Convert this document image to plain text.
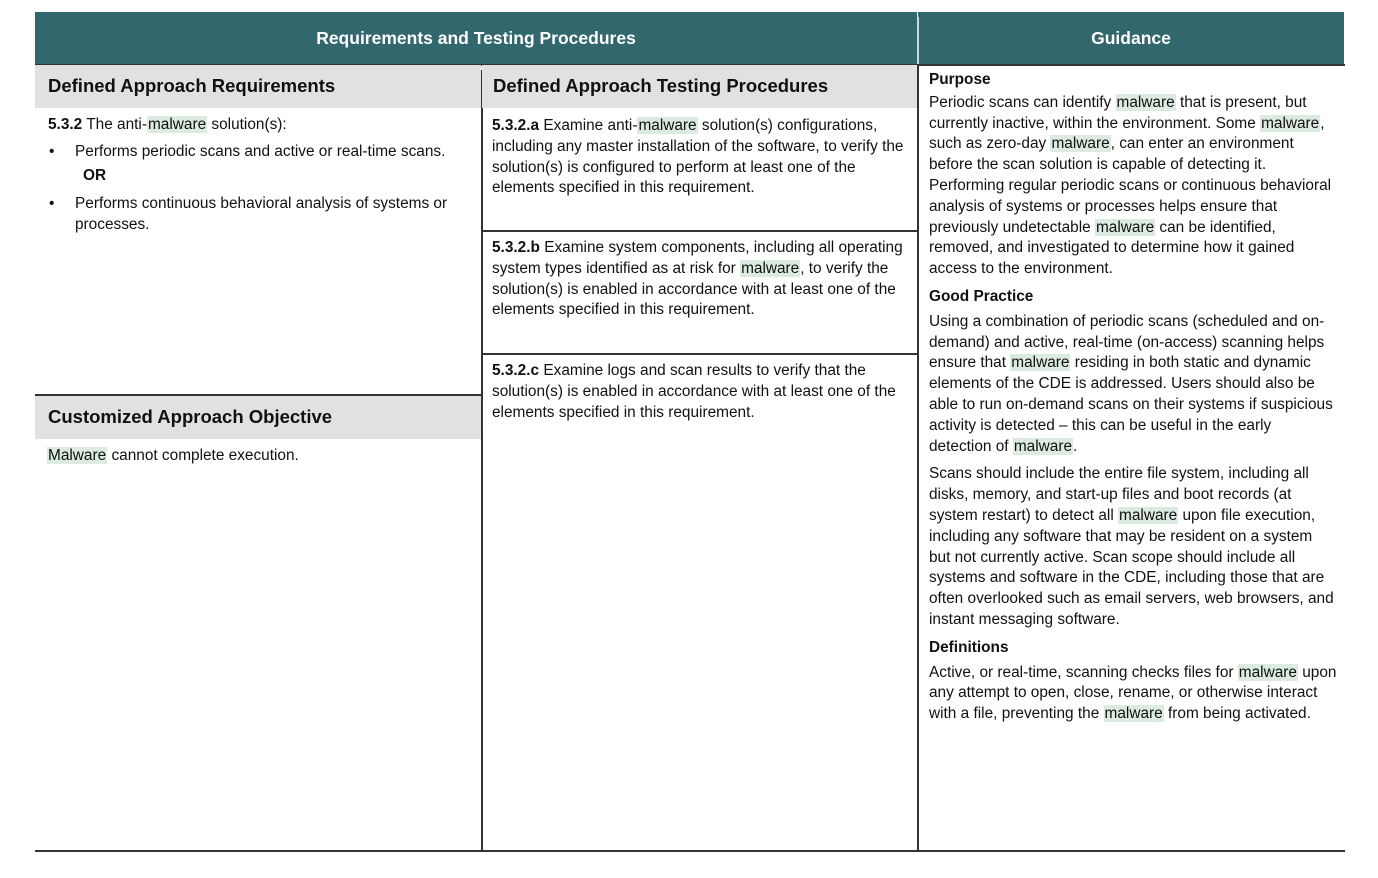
Requirements and Testing Procedures	Guidance
Defined Approach Requirements
5.3.2 The anti-malware solution(s):
• Performs periodic scans and active or real-time scans.
OR
• Performs continuous behavioral analysis of systems or processes.
Customized Approach Objective
Malware cannot complete execution.
Defined Approach Testing Procedures
5.3.2.a Examine anti-malware solution(s) configurations, including any master installation of the software, to verify the solution(s) is configured to perform at least one of the elements specified in this requirement.
5.3.2.b Examine system components, including all operating system types identified as at risk for malware, to verify the solution(s) is enabled in accordance with at least one of the elements specified in this requirement.
5.3.2.c Examine logs and scan results to verify that the solution(s) is enabled in accordance with at least one of the elements specified in this requirement.
Purpose

Periodic scans can identify malware that is present, but currently inactive, within the environment. Some malware, such as zero-day malware, can enter an environment before the scan solution is capable of detecting it. Performing regular periodic scans or continuous behavioral analysis of systems or processes helps ensure that previously undetectable malware can be identified, removed, and investigated to determine how it gained access to the environment.

Good Practice

Using a combination of periodic scans (scheduled and on-demand) and active, real-time (on-access) scanning helps ensure that malware residing in both static and dynamic elements of the CDE is addressed. Users should also be able to run on-demand scans on their systems if suspicious activity is detected – this can be useful in the early detection of malware.

Scans should include the entire file system, including all disks, memory, and start-up files and boot records (at system restart) to detect all malware upon file execution, including any software that may be resident on a system but not currently active. Scan scope should include all systems and software in the CDE, including those that are often overlooked such as email servers, web browsers, and instant messaging software.

Definitions

Active, or real-time, scanning checks files for malware upon any attempt to open, close, rename, or otherwise interact with a file, preventing the malware from being activated.
